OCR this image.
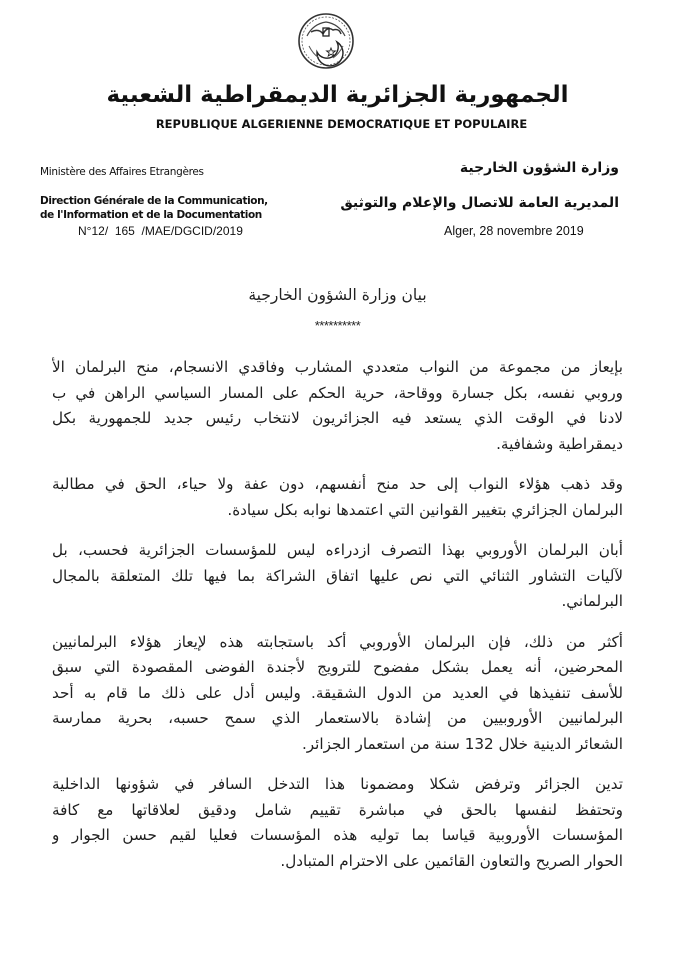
الجمهورية الجزائرية الديمقراطية الشعبية
REPUBLIQUE ALGERIENNE DEMOCRATIQUE ET POPULAIRE
Ministère des Affaires Etrangères
Direction Générale de la Communication,
de l'Information et de la Documentation
N°12/  165  /MAE/DGCID/2019
وزارة الشؤون الخارجية
المديرية العامة للاتصال والإعلام والتوثيق
Alger, 28 novembre 2019
بيان وزارة الشؤون الخارجية
**********

بإيعاز من مجموعة من النواب متعددي المشارب وفاقدي الانسجام، منح البرلمان الأ
وروبي نفسه، بكل جسارة ووقاحة، حرية الحكم على المسار السياسي الراهن في ب
لادنا في الوقت الذي يستعد فيه الجزائريون لانتخاب رئيس جديد للجمهورية بكل
ديمقراطية وشفافية.

وقد ذهب هؤلاء النواب إلى حد منح أنفسهم، دون عفة ولا حياء، الحق في مطالبة
البرلمان الجزائري بتغيير القوانين التي اعتمدها نوابه بكل سيادة.

أبان البرلمان الأوروبي بهذا التصرف ازدراءه ليس للمؤسسات الجزائرية فحسب، بل
لآليات التشاور الثنائي التي نص عليها اتفاق الشراكة بما فيها تلك المتعلقة بالمجال
البرلماني.

أكثر من ذلك، فإن البرلمان الأوروبي أكد باستجابته هذه لإيعاز هؤلاء البرلمانيين
المحرضين، أنه يعمل بشكل مفضوح للترويج لأجندة الفوضى المقصودة التي سبق
للأسف تنفيذها في العديد من الدول الشقيقة. وليس أدل على ذلك ما قام به أحد
البرلمانيين الأوروبيين من إشادة بالاستعمار الذي سمح حسبه، بحرية ممارسة
الشعائر الدينية خلال 132 سنة من استعمار الجزائر.

تدين الجزائر وترفض شكلا ومضمونا هذا التدخل السافر في شؤونها الداخلية
وتحتفظ لنفسها بالحق في مباشرة تقييم شامل ودقيق لعلاقاتها مع كافة
المؤسسات الأوروبية قياسا بما توليه هذه المؤسسات فعليا لقيم حسن الجوار و
الحوار الصريح والتعاون القائمين على الاحترام المتبادل.
